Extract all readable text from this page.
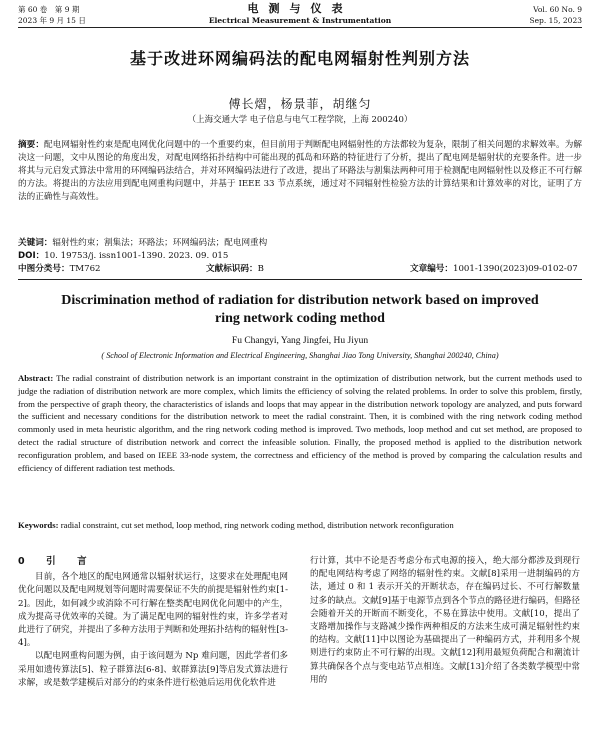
第 60 卷　第 9 期	电测与仪表	Vol. 60 No. 9
2023 年 9 月 15 日	Electrical Measurement & Instrumentation	Sep. 15, 2023
基于改进环网编码法的配电网辐射性判别方法
傅长熠，杨景菲，胡继匀
（上海交通大学 电子信息与电气工程学院，上海 200240）
摘要：配电网辐射性约束是配电网优化问题中的一个重要约束，但目前用于判断配电网辐射性的方法都较为复杂，限制了相关问题的求解效率。为解决这一问题，文中从图论的角度出发，对配电网络拓扑结构中可能出现的孤岛和环路的特征进行了分析，提出了配电网是辐射状的充要条件。进一步将其与元启发式算法中常用的环网编码法结合，并对环网编码法进行了改进，提出了环路法与割集法两种可用于检测配电网辐射性以及修正不可行解的方法。将提出的方法应用到配电网重构问题中，并基于 IEEE 33 节点系统，通过对不同辐射性检验方法的计算结果和计算效率的对比，证明了方法的正确性与高效性。
关键词：辐射性约束；割集法；环路法；环网编码法；配电网重构
DOI：10. 19753/j. issn1001-1390. 2023. 09. 015
中图分类号： TM762	文献标识码： B	文章编号： 1001-1390(2023)09-0102-07
Discrimination method of radiation for distribution network based on improved ring network coding method
Fu Changyi, Yang Jingfei, Hu Jiyun
( School of Electronic Information and Electrical Engineering, Shanghai Jiao Tong University, Shanghai 200240, China)
Abstract: The radial constraint of distribution network is an important constraint in the optimization of distribution network, but the current methods used to judge the radiation of distribution network are more complex, which limits the efficiency of solving the related problems. In order to solve this problem, firstly, from the perspective of graph theory, the characteristics of islands and loops that may appear in the distribution network topology are analyzed, and puts forward the sufficient and necessary conditions for the distribution network to meet the radial constraint. Then, it is combined with the ring network coding method commonly used in meta heuristic algorithm, and the ring network coding method is improved. Two methods, loop method and cut set method, are proposed to detect the radial structure of distribution network and correct the infeasible solution. Finally, the proposed method is applied to the distribution network reconfiguration problem, and based on IEEE 33-node system, the correctness and efficiency of the method is proved by comparing the calculation results and efficiency of different radiation test methods.
Keywords: radial constraint, cut set method, loop method, ring network coding method, distribution network reconfiguration
0　引　言
目前，各个地区的配电网通常以辐射状运行，这要求在处理配电网优化问题以及配电网规划等问题时需要保证不失的前提是辐射性约束[1-2]。因此，如何减少或消除不可行解在整类配电网优化问题中的产生，成为提高寻优效率的关键。为了满足配电网的辐射性约束，许多学者对此进行了研究，并提出了多种方法用于判断和处理拓扑结构的辐射性[3-4]。
以配电网重构问题为例，由于该问题为 Np 难问题，因此学者们多采用如遗传算法[5]、粒子群算法[6-8]、蚁群算法[9]等启发式算法进行求解，或是数学建模后对部分的约束条件进行松弛后运用优化软件进
行计算，其中不论是否考虑分布式电源的接入，绝大部分都涉及到现行的配电网结构考虑了网络的辐射性约束。文献[8]采用一进制编码的方法，通过 0 和 1 表示开关的开断状态，存在编码过长、不可行解数量过多的缺点。文献[9]基于电源节点到各个节点的路径进行编码，但路径会随着开关的开断而不断变化，不易在算法中使用。文献[10，提出了支路增加操作与支路减少操作两种相反的方法来生成可满足辐射性约束的结构。文献[11]中以图论为基础提出了一种编码方式，并利用多个规则进行约束防止不可行解的出现。文献[12]利用最短负荷配合和潮流计算共确保各个点与变电站节点相连。文献[13]介绍了各类数学模型中常用的
